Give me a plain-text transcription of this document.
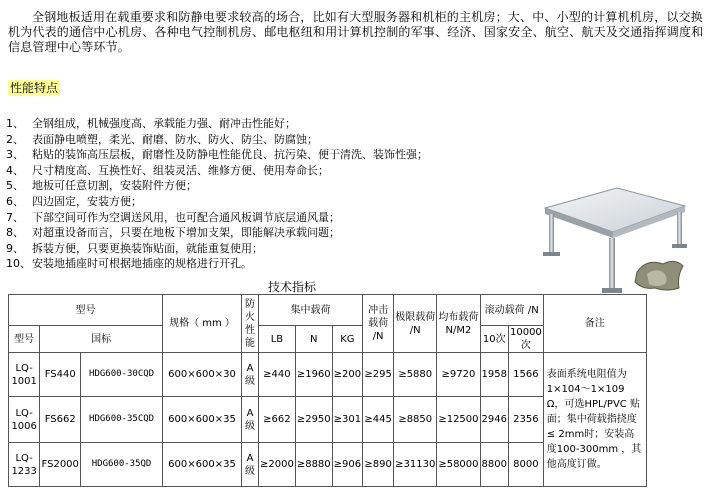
全钢地板适用在载重要求和防静电要求较高的场合，比如有大型服务器和机柜的主机房；大、中、小型的计算机机房，以交换机为代表的通信中心机房、各种电气控制机房、邮电枢纽和用计算机控制的军事、经济、国家安全、航空、航天及交通指挥调度和信息管理中心等环节。
性能特点
1、 全钢组成，机械强度高、承载能力强、耐冲击性能好；
2、 表面静电喷塑，柔光、耐磨、防水、防火、防尘、防腐蚀；
3、 粘贴的装饰高压层板，耐磨性及防静电性能优良、抗污染、便于清洗、装饰性强；
4、 尺寸精度高、互换性好、组装灵活、维修方便、使用寿命长；
5、 地板可任意切割，安装附件方便；
6、 四边固定，安装方便；
7、 下部空间可作为空调送风用，也可配合通风板调节底层通风量；
8、 对超重设备而言，只要在地板下增加支架，即能解决承载问题；
9、 拆装方便，只要更换装饰贴面，就能重复使用；
10、安装地插座时可根据地插座的规格进行开孔。
技术指标
型号			规格（ mm ）	防火性能	集中载荷			冲击载荷 /N	极限载荷 /N	均布载荷 N/M2	滚动载荷 /N		备注
型号	国标				LB	N	KG				10次	10000次	
LQ-1001	FS440	HDG600-30CQD	600×600×30	A级	≥440	≥1960	≥200	≥295	≥5880	≥9720	1958	1566	表面系统电阻值为 1×104～1×109 Ω，可选HPL/PVC 贴面；集中荷载指挠度≤ 2mm时；安装高度100-300mm ，其他高度订做。
LQ-1006	FS662	HDG600-35CQD	600×600×35	A级	≥662	≥2950	≥301	≥445	≥8850	≥12500	2946	2356	
LQ-1233	FS2000	HDG600-35QD	600×600×35	A级	≥2000	≥8880	≥906	≥890	≥31130	≥58000	8800	8000	
